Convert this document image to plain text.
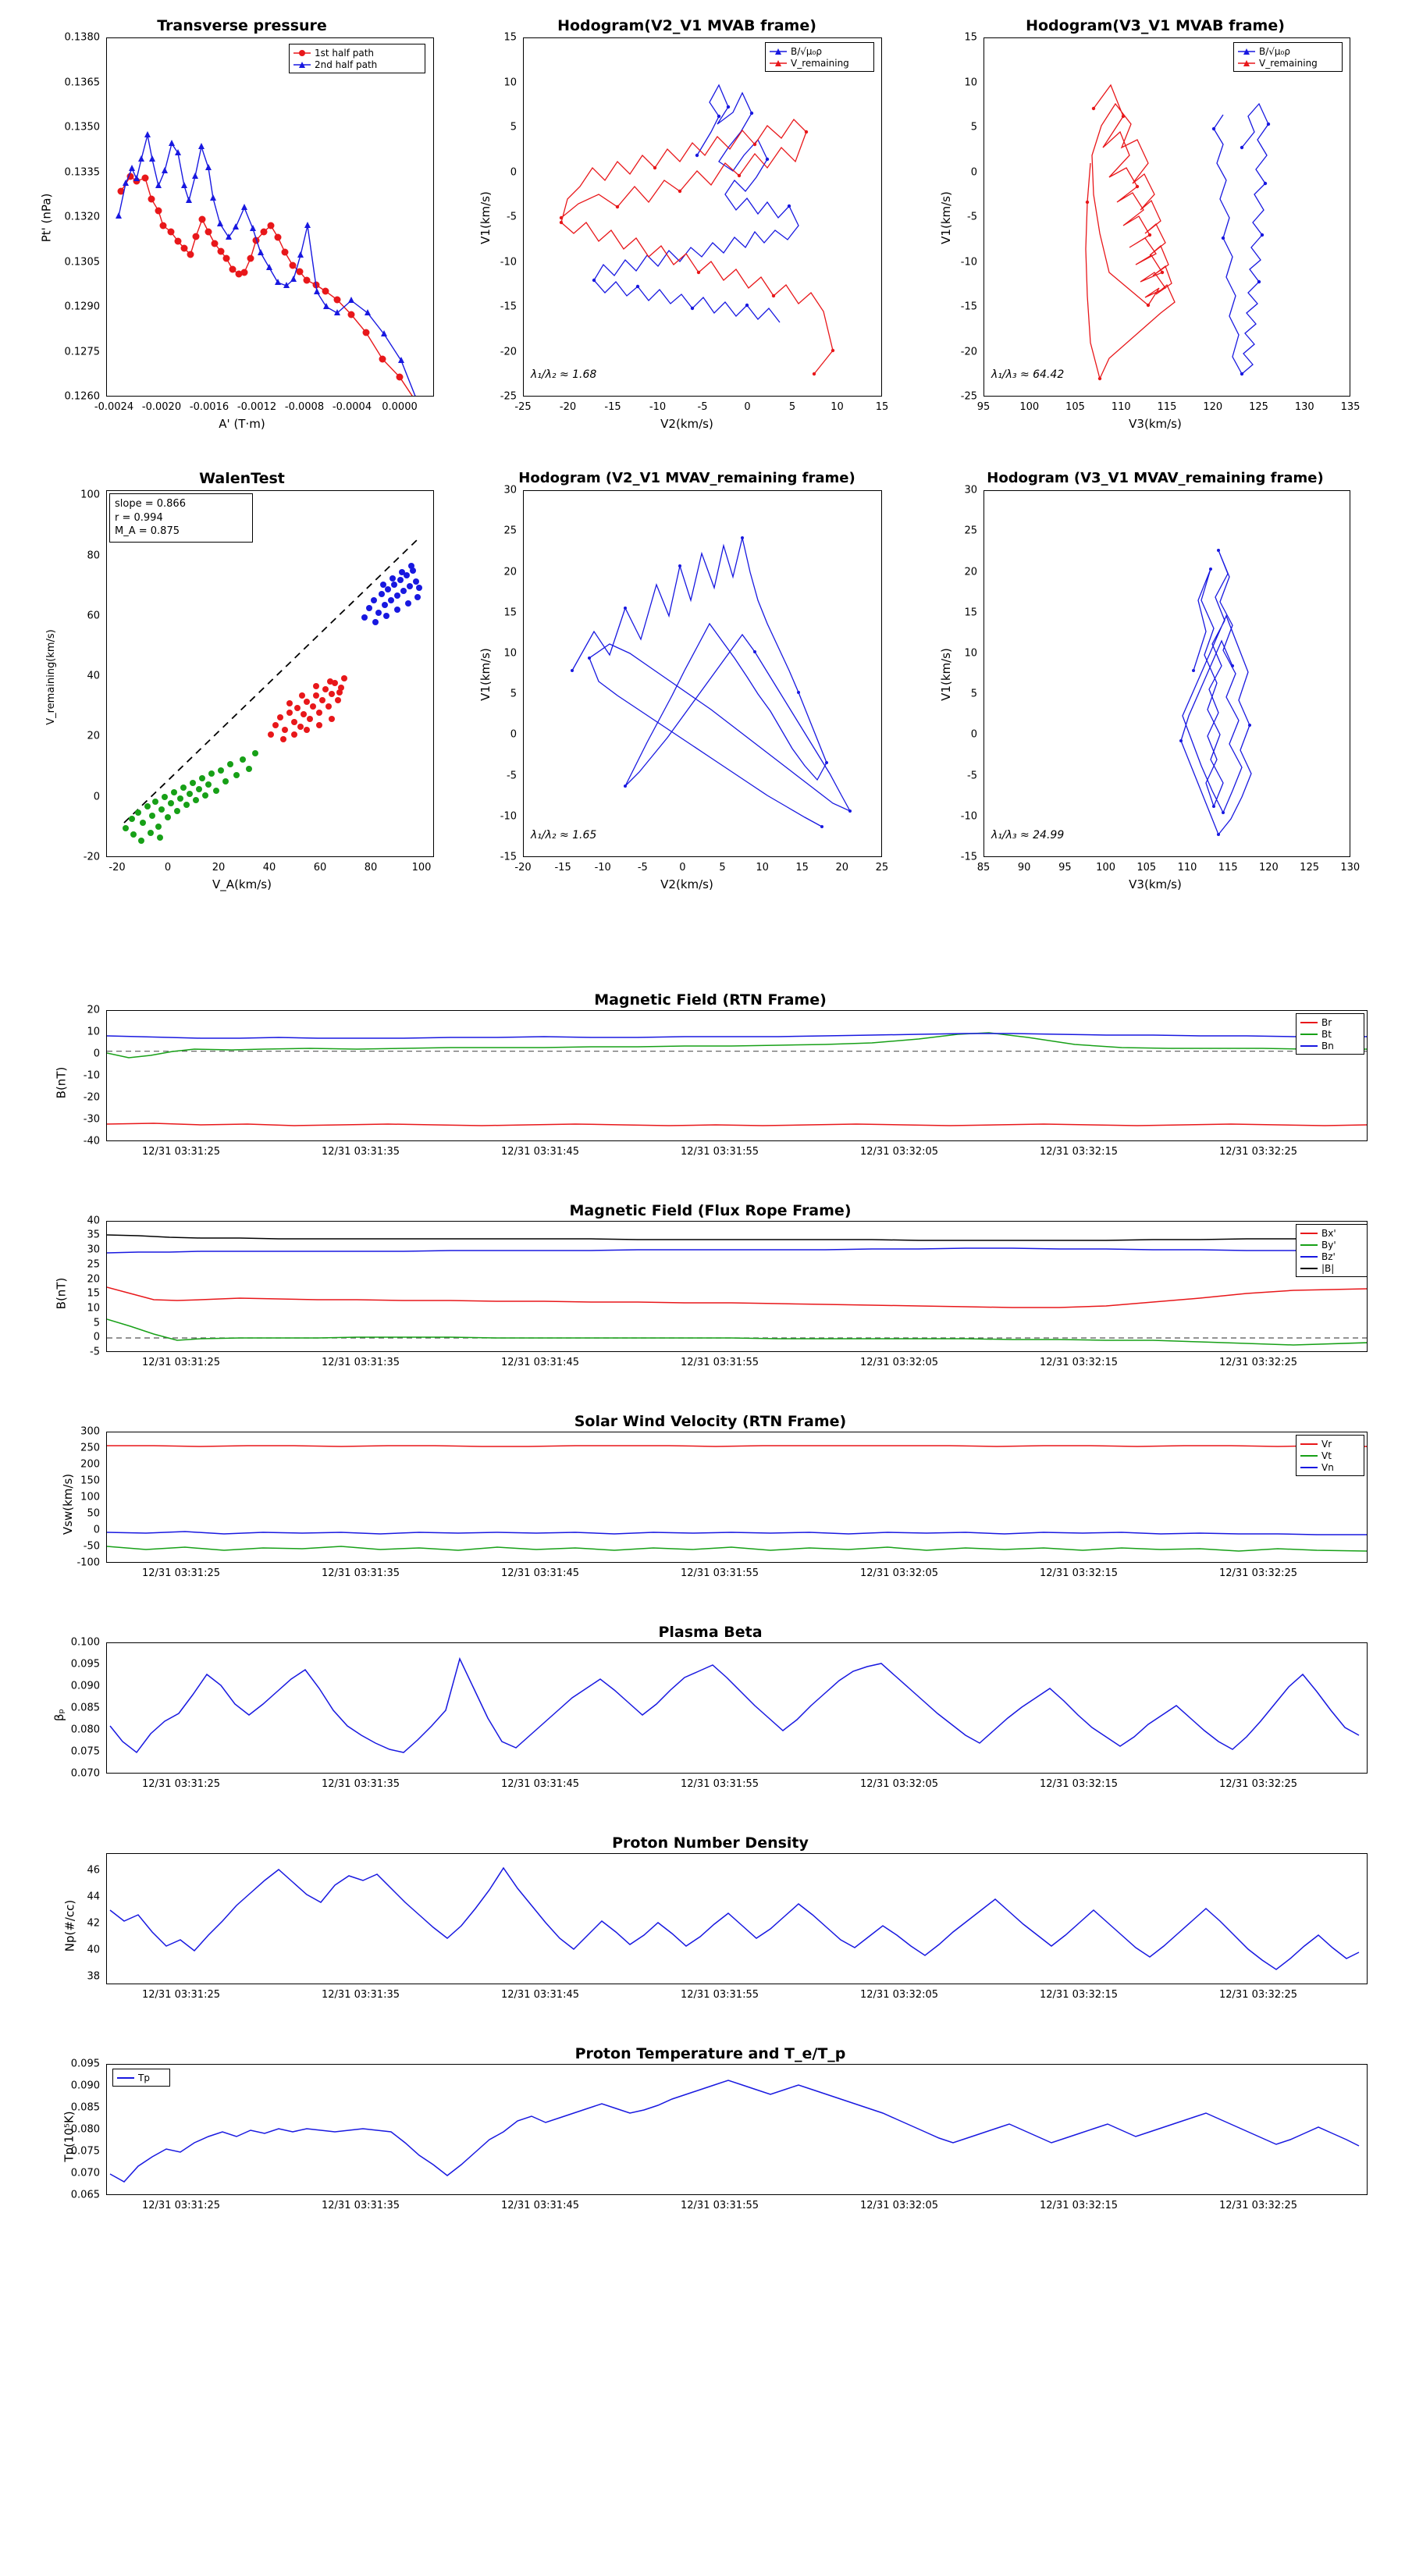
Transverse pressure
1st half path
2nd half path
0.1260
0.1275
0.1290
0.1305
0.1320
0.1335
0.1350
0.1365
0.1380
-0.0024 -0.0020 -0.0016 -0.0012 -0.0008 -0.0004 0.0000
A' (T·m)
Pt' (nPa)
Hodogram(V2_V1 MVAB frame)
B/√μ₀ρ
V_remaining
λ₁/λ₂ ≈ 1.68
-25
-20
-15
-10
-5
0
5
10
15
-25	-20	-15	-10	-5	0	5	10	15
V2(km/s)
V1(km/s)
Hodogram(V3_V1 MVAB frame)
B/√μ₀ρ
V_remaining
λ₁/λ₃ ≈ 64.42
-25
-20
-15
-10
-5
0
5
10
15
95	100	105	110	115	120	125	130	135
V3(km/s)
V1(km/s)
WalenTest
slope = 0.866
r = 0.994
M_A = 0.875
-20
0
20
40
60
80
100
-20	0	20	40	60	80	100
V_A(km/s)
V_remaining(km/s)
Hodogram (V2_V1 MVAV_remaining frame)
λ₁/λ₂ ≈ 1.65
-15
-10
-5
0
5
10
15
20
25
30
-20 -15 -10	-5	0	5	10	15	20	25
V2(km/s)
V1(km/s)
Hodogram (V3_V1 MVAV_remaining frame)
λ₁/λ₃ ≈ 24.99
-15
-10
-5
0
5
10
15
20
25
30
85	90	95 100 105 110 115 120 125 130
V3(km/s)
V1(km/s)
Magnetic Field (RTN Frame)
Br
Bt
Bn
-40
-30
-20
-10
0
10
20
B(nT)
12/31 03:31:25	12/31 03:31:35	12/31 03:31:45	12/31 03:31:55	12/31 03:32:05	12/31 03:32:15	12/31 03:32:25
Magnetic Field (Flux Rope Frame)
Bx'
By'
Bz'
|B|
-5
0
5
10
15
20
25
30
35
40
B(nT)
12/31 03:31:25	12/31 03:31:35	12/31 03:31:45	12/31 03:31:55	12/31 03:32:05	12/31 03:32:15	12/31 03:32:25
Solar Wind Velocity (RTN Frame)
Vr
Vt
Vn
-100
-50
0
50
100
150
200
250
300
Vsw(km/s)
12/31 03:31:25	12/31 03:31:35	12/31 03:31:45	12/31 03:31:55	12/31 03:32:05	12/31 03:32:15	12/31 03:32:25
Plasma Beta
0.070
0.075
0.080
0.085
0.090
0.095
0.100
βₚ
12/31 03:31:25	12/31 03:31:35	12/31 03:31:45	12/31 03:31:55	12/31 03:32:05	12/31 03:32:15	12/31 03:32:25
Proton Number Density
38
40
42
44
46
Np(#/cc)
12/31 03:31:25	12/31 03:31:35	12/31 03:31:45	12/31 03:31:55	12/31 03:32:05	12/31 03:32:15	12/31 03:32:25
Proton Temperature and T_e/T_p
Tp
0.065
0.070
0.075
0.080
0.085
0.090
0.095
Tp(10⁵K)
12/31 03:31:25	12/31 03:31:35	12/31 03:31:45	12/31 03:31:55	12/31 03:32:05	12/31 03:32:15	12/31 03:32:25
